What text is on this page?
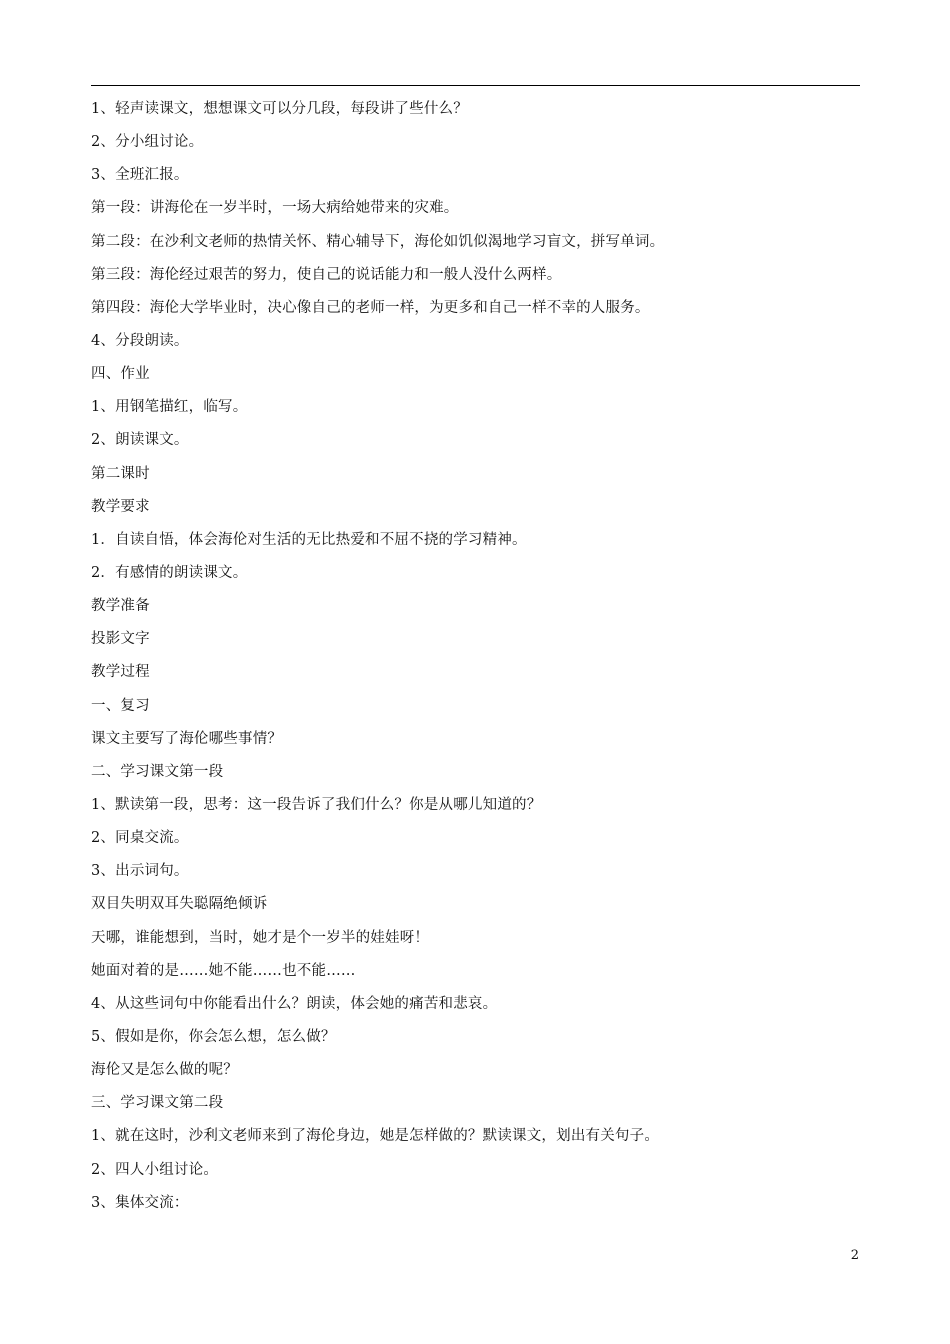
1、轻声读课文，想想课文可以分几段，每段讲了些什么？
2、分小组讨论。
3、全班汇报。
第一段：讲海伦在一岁半时，一场大病给她带来的灾难。
第二段：在沙利文老师的热情关怀、精心辅导下，海伦如饥似渴地学习盲文，拼写单词。
第三段：海伦经过艰苦的努力，使自己的说话能力和一般人没什么两样。
第四段：海伦大学毕业时，决心像自己的老师一样，为更多和自己一样不幸的人服务。
4、分段朗读。
四、作业
1、用钢笔描红，临写。
2、朗读课文。
第二课时
教学要求
1．自读自悟，体会海伦对生活的无比热爱和不屈不挠的学习精神。
2．有感情的朗读课文。
教学准备
投影文字
教学过程
一、复习
课文主要写了海伦哪些事情？
二、学习课文第一段
1、默读第一段，思考：这一段告诉了我们什么？你是从哪儿知道的？
2、同桌交流。
3、出示词句。
双目失明双耳失聪隔绝倾诉
天哪，谁能想到，当时，她才是个一岁半的娃娃呀！
她面对着的是……她不能……也不能……
4、从这些词句中你能看出什么？朗读，体会她的痛苦和悲哀。
5、假如是你，你会怎么想，怎么做？
海伦又是怎么做的呢？
三、学习课文第二段
1、就在这时，沙利文老师来到了海伦身边，她是怎样做的？默读课文，划出有关句子。
2、四人小组讨论。
3、集体交流：
2
